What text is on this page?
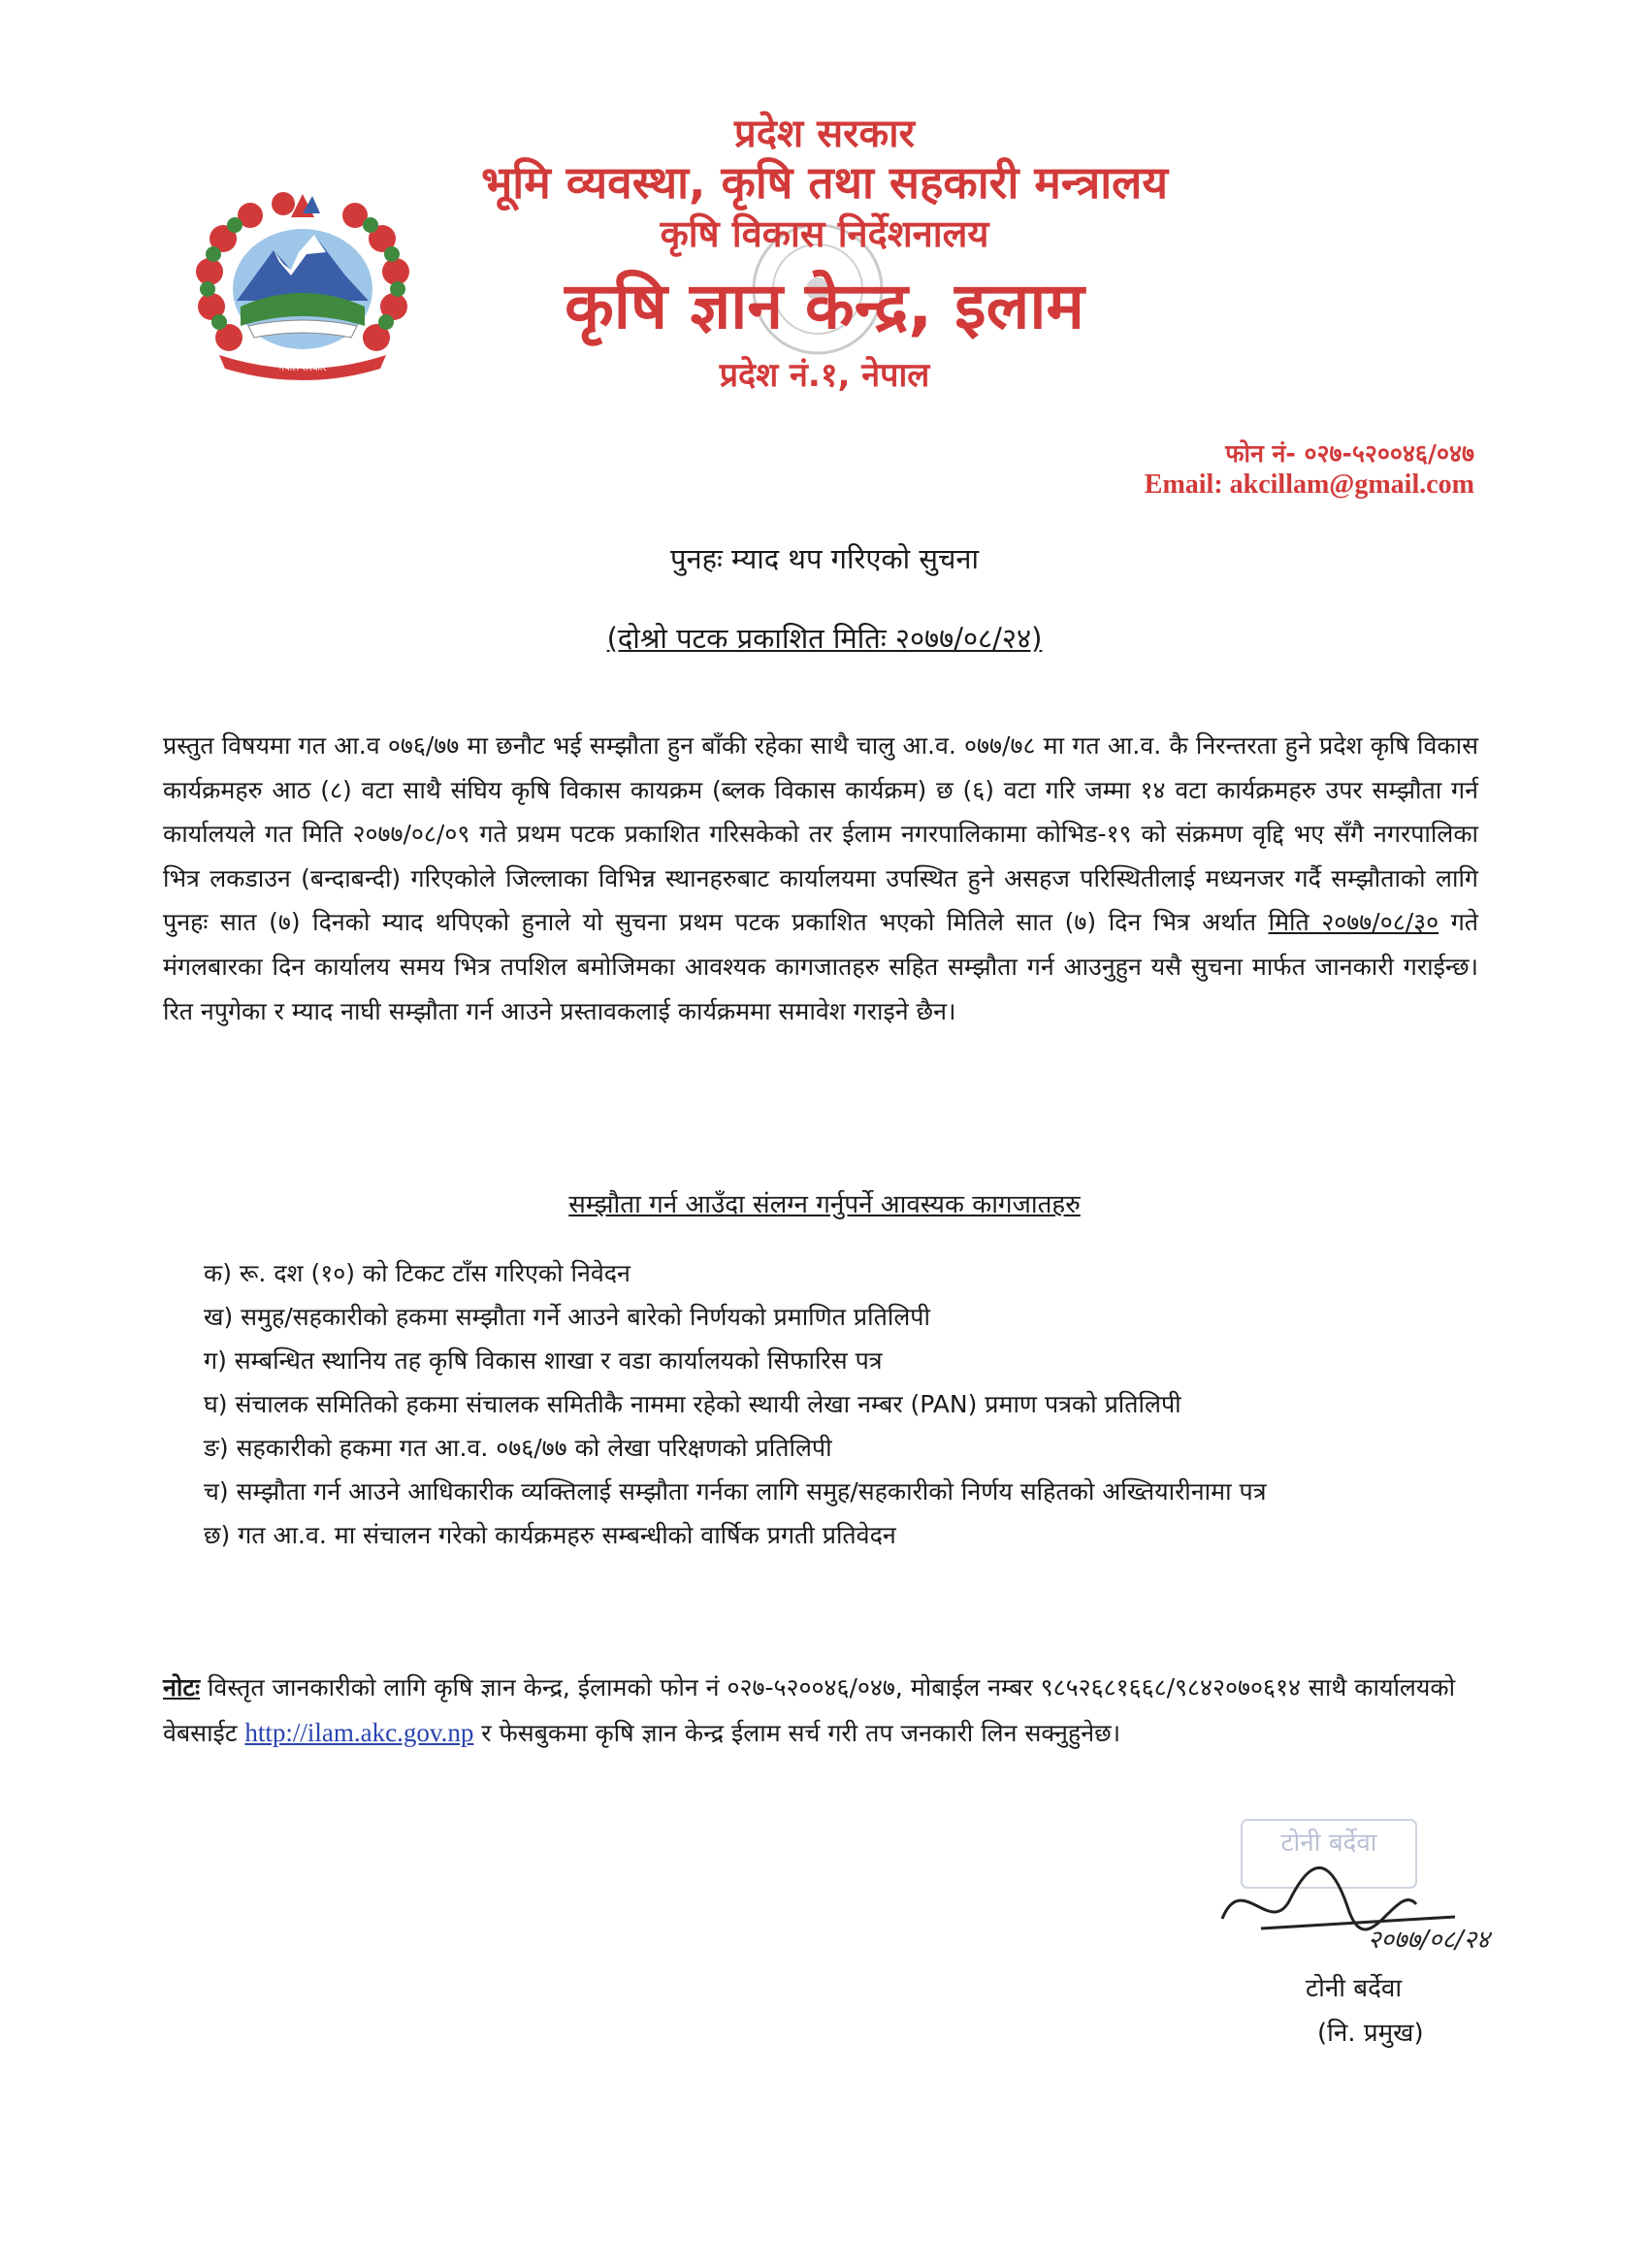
नेपाल सरकार
प्रदेश सरकार
भूमि व्यवस्था, कृषि तथा सहकारी मन्त्रालय
कृषि विकास निर्देशनालय
कृषि ज्ञान केन्द्र, इलाम
प्रदेश नं.१, नेपाल
फोन नं- ०२७-५२००४६/०४७
Email: akcillam@gmail.com
पुनहः म्याद थप गरिएको सुचना
(दोश्रो पटक प्रकाशित मितिः २०७७/०८/२४)
प्रस्तुत विषयमा गत आ.व ०७६/७७ मा छनौट भई सम्झौता हुन बाँकी रहेका साथै चालु आ.व. ०७७/७८ मा गत आ.व. कै निरन्तरता हुने प्रदेश कृषि विकास कार्यक्रमहरु आठ (८) वटा साथै संघिय कृषि विकास कायक्रम (ब्लक विकास कार्यक्रम) छ (६) वटा गरि जम्मा १४ वटा कार्यक्रमहरु उपर सम्झौता गर्न कार्यालयले गत मिति २०७७/०८/०९ गते प्रथम पटक प्रकाशित गरिसकेको तर ईलाम नगरपालिकामा कोभिड-१९ को संक्रमण वृद्दि भए सँगै नगरपालिका भित्र लकडाउन (बन्दाबन्दी) गरिएकोले जिल्लाका विभिन्न स्थानहरुबाट कार्यालयमा उपस्थित हुने असहज परिस्थितीलाई मध्यनजर गर्दै सम्झौताको लागि पुनहः सात (७) दिनको म्याद थपिएको हुनाले यो सुचना प्रथम पटक प्रकाशित भएको मितिले सात (७) दिन भित्र अर्थात मिति २०७७/०८/३० गते मंगलबारका दिन कार्यालय समय भित्र तपशिल बमोजिमका आवश्यक कागजातहरु सहित सम्झौता गर्न आउनुहुन यसै सुचना मार्फत जानकारी गराईन्छ। रित नपुगेका र म्याद नाघी सम्झौता गर्न आउने प्रस्तावकलाई कार्यक्रममा समावेश गराइने छैन।
सम्झौता गर्न आउँदा संलग्न गर्नुपर्ने आवस्यक कागजातहरु
क) रू. दश (१०) को टिकट टाँस गरिएको निवेदन
ख) समुह/सहकारीको हकमा सम्झौता गर्ने आउने बारेको निर्णयको प्रमाणित प्रतिलिपी
ग) सम्बन्धित स्थानिय तह कृषि विकास शाखा र वडा कार्यालयको सिफारिस पत्र
घ) संचालक समितिको हकमा संचालक समितीकै नाममा रहेको स्थायी लेखा नम्बर (PAN) प्रमाण पत्रको प्रतिलिपी
ङ) सहकारीको हकमा गत आ.व. ०७६/७७ को लेखा परिक्षणको प्रतिलिपी
च) सम्झौता गर्न आउने आधिकारीक व्यक्तिलाई सम्झौता गर्नका लागि समुह/सहकारीको निर्णय सहितको अख्तियारीनामा पत्र
छ) गत आ.व. मा संचालन गरेको कार्यक्रमहरु सम्बन्धीको वार्षिक प्रगती प्रतिवेदन
नोटः विस्तृत जानकारीको लागि कृषि ज्ञान केन्द्र, ईलामको फोन नं ०२७-५२००४६/०४७, मोबाईल नम्बर ९८५२६८१६६८/९८४२०७०६१४ साथै कार्यालयको वेबसाईट http://ilam.akc.gov.np र फेसबुकमा कृषि ज्ञान केन्द्र ईलाम सर्च गरी तप जनकारी लिन सक्नुहुनेछ।
टोनी बर्देवा
२०७७/०८/२४
टोनी बर्देवा
(नि. प्रमुख)
